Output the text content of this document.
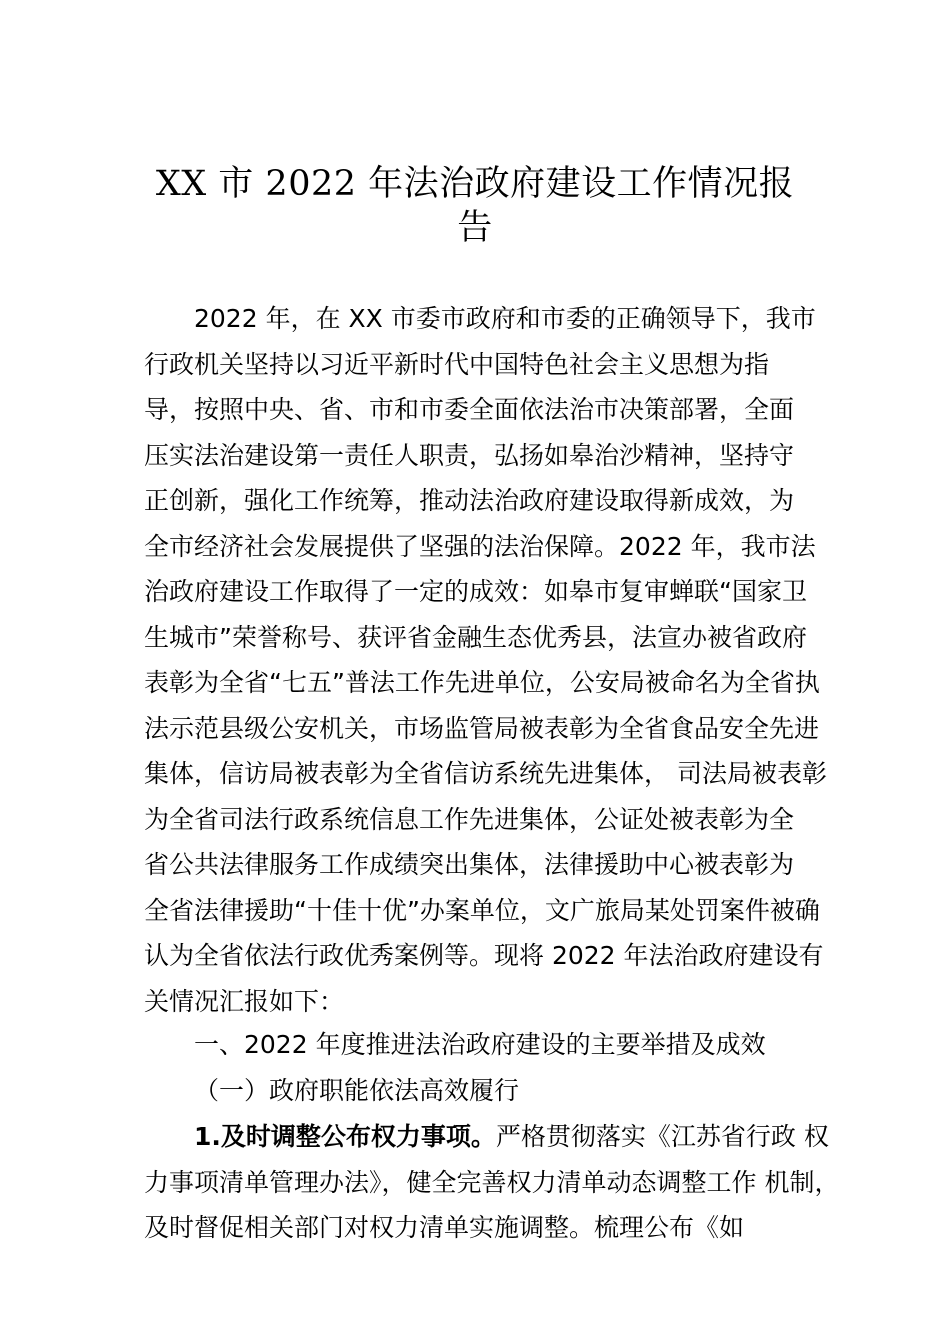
XX 市 2022 年法治政府建设工作情况报
告
2022 年，在 XX 市委市政府和市委的正确领导下，我市
行政机关坚持以习近平新时代中国特色社会主义思想为指
导，按照中央、省、市和市委全面依法治市决策部署，全面
压实法治建设第一责任人职责，弘扬如皋治沙精神，坚持守
正创新，强化工作统筹，推动法治政府建设取得新成效，为
全市经济社会发展提供了坚强的法治保障。2022 年，我市法
治政府建设工作取得了一定的成效：如皋市复审蝉联“国家卫
生城市”荣誉称号、获评省金融生态优秀县，法宣办被省政府
表彰为全省“七五”普法工作先进单位，公安局被命名为全省执
法示范县级公安机关，市场监管局被表彰为全省食品安全先进
集体，信访局被表彰为全省信访系统先进集体， 司法局被表彰
为全省司法行政系统信息工作先进集体，公证处被表彰为全
省公共法律服务工作成绩突出集体，法律援助中心被表彰为
全省法律援助“十佳十优”办案单位，文广旅局某处罚案件被确
认为全省依法行政优秀案例等。现将 2022 年法治政府建设有
关情况汇报如下：
一、2022 年度推进法治政府建设的主要举措及成效
（一）政府职能依法高效履行
1.及时调整公布权力事项。严格贯彻落实《江苏省行政 权
力事项清单管理办法》，健全完善权力清单动态调整工作 机制，
及时督促相关部门对权力清单实施调整。梳理公布《如
